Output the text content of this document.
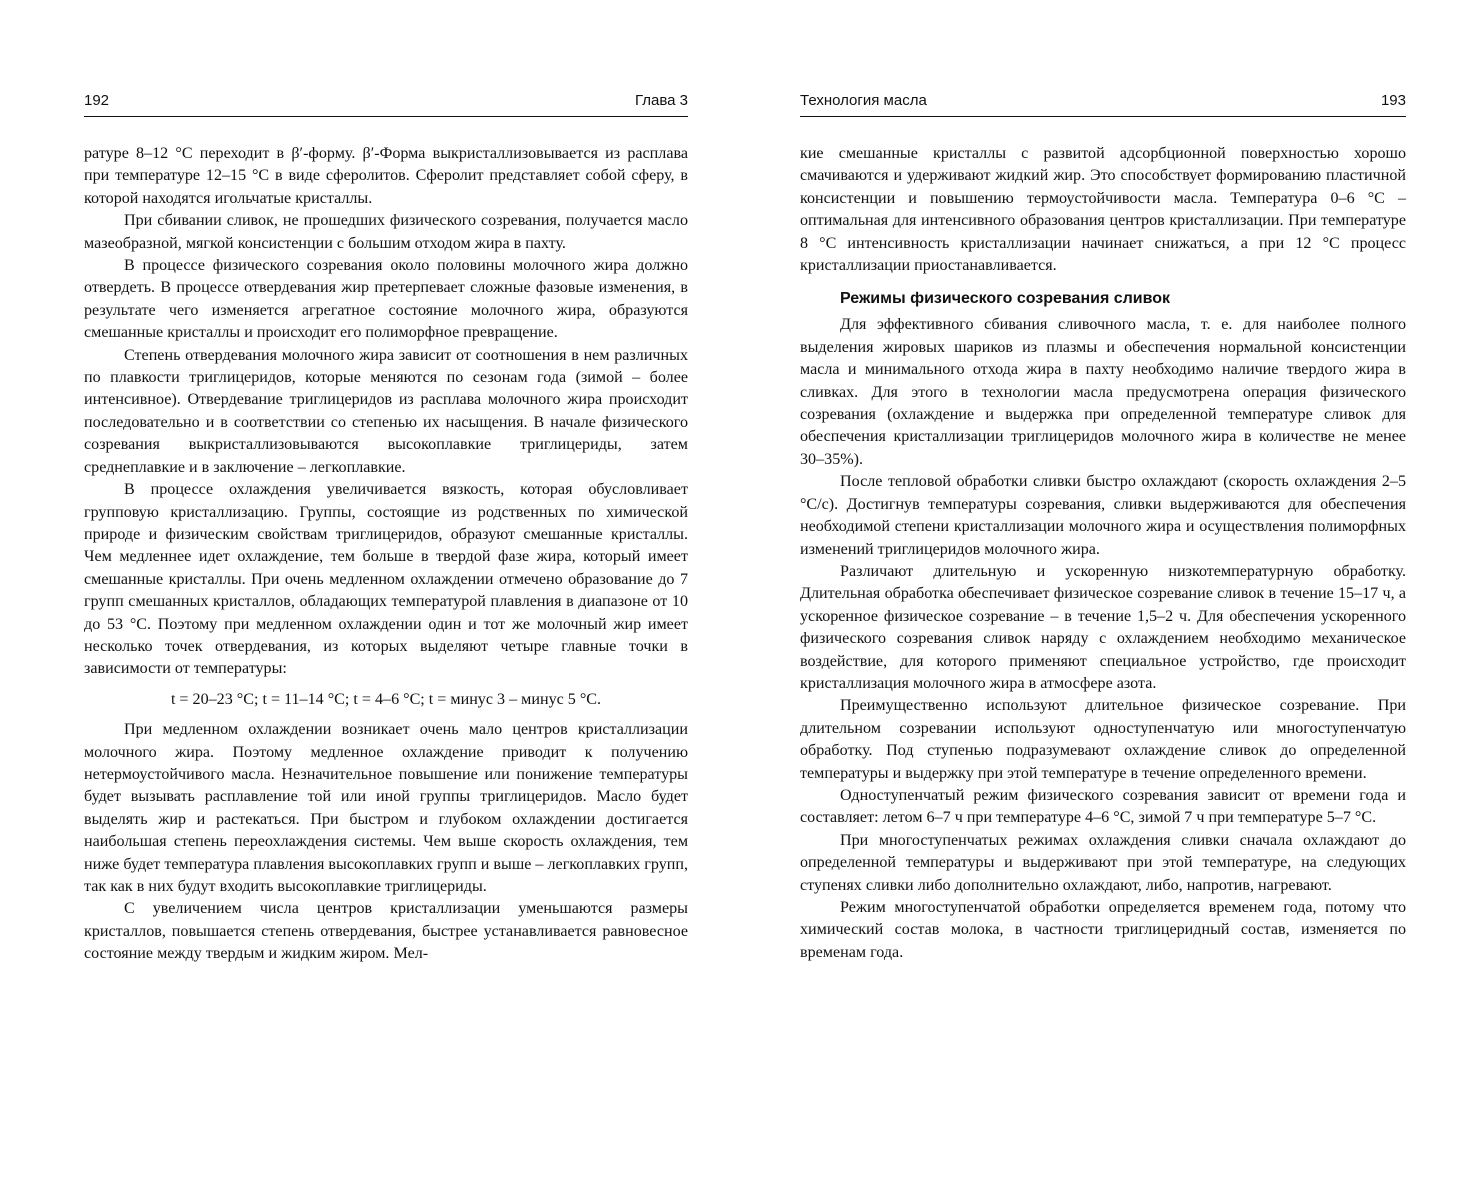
192	Глава 3

ратуре 8–12 °С переходит в β′-форму. β′-Форма выкристаллизовывается из расплава при температуре 12–15 °С в виде сферолитов. Сферолит представляет собой сферу, в которой находятся игольчатые кристаллы.

При сбивании сливок, не прошедших физического созревания, получается масло мазеобразной, мягкой консистенции с большим отходом жира в пахту.

В процессе физического созревания около половины молочного жира должно отвердеть. В процессе отвердевания жир претерпевает сложные фазовые изменения, в результате чего изменяется агрегатное состояние молочного жира, образуются смешанные кристаллы и происходит его полиморфное превращение.

Степень отвердевания молочного жира зависит от соотношения в нем различных по плавкости триглицеридов, которые меняются по сезонам года (зимой – более интенсивное). Отвердевание триглицеридов из расплава молочного жира происходит последовательно и в соответствии со степенью их насыщения. В начале физического созревания выкристаллизовываются высокоплавкие триглицериды, затем среднеплавкие и в заключение – легкоплавкие.

В процессе охлаждения увеличивается вязкость, которая обусловливает групповую кристаллизацию. Группы, состоящие из родственных по химической природе и физическим свойствам триглицеридов, образуют смешанные кристаллы. Чем медленнее идет охлаждение, тем больше в твердой фазе жира, который имеет смешанные кристаллы. При очень медленном охлаждении отмечено образование до 7 групп смешанных кристаллов, обладающих температурой плавления в диапазоне от 10 до 53 °С. Поэтому при медленном охлаждении один и тот же молочный жир имеет несколько точек отвердевания, из которых выделяют четыре главные точки в зависимости от температуры:

t = 20–23 °С; t = 11–14 °С; t = 4–6 °С; t = минус 3 – минус 5 °С.

При медленном охлаждении возникает очень мало центров кристаллизации молочного жира. Поэтому медленное охлаждение приводит к получению нетермоустойчивого масла. Незначительное повышение или понижение температуры будет вызывать расплавление той или иной группы триглицеридов. Масло будет выделять жир и растекаться. При быстром и глубоком охлаждении достигается наибольшая степень переохлаждения системы. Чем выше скорость охлаждения, тем ниже будет температура плавления высокоплавких групп и выше – легкоплавких групп, так как в них будут входить высокоплавкие триглицериды.

С увеличением числа центров кристаллизации уменьшаются размеры кристаллов, повышается степень отвердевания, быстрее устанавливается равновесное состояние между твердым и жидким жиром. Мел-

Технология масла	193

кие смешанные кристаллы с развитой адсорбционной поверхностью хорошо смачиваются и удерживают жидкий жир. Это способствует формированию пластичной консистенции и повышению термоустойчивости масла. Температура 0–6 °С – оптимальная для интенсивного образования центров кристаллизации. При температуре 8 °С интенсивность кристаллизации начинает снижаться, а при 12 °С процесс кристаллизации приостанавливается.

Режимы физического созревания сливок

Для эффективного сбивания сливочного масла, т. е. для наиболее полного выделения жировых шариков из плазмы и обеспечения нормальной консистенции масла и минимального отхода жира в пахту необходимо наличие твердого жира в сливках. Для этого в технологии масла предусмотрена операция физического созревания (охлаждение и выдержка при определенной температуре сливок для обеспечения кристаллизации триглицеридов молочного жира в количестве не менее 30–35%).

После тепловой обработки сливки быстро охлаждают (скорость охлаждения 2–5 °С/с). Достигнув температуры созревания, сливки выдерживаются для обеспечения необходимой степени кристаллизации молочного жира и осуществления полиморфных изменений триглицеридов молочного жира.

Различают длительную и ускоренную низкотемпературную обработку. Длительная обработка обеспечивает физическое созревание сливок в течение 15–17 ч, а ускоренное физическое созревание – в течение 1,5–2 ч. Для обеспечения ускоренного физического созревания сливок наряду с охлаждением необходимо механическое воздействие, для которого применяют специальное устройство, где происходит кристаллизация молочного жира в атмосфере азота.

Преимущественно используют длительное физическое созревание. При длительном созревании используют одноступенчатую или многоступенчатую обработку. Под ступенью подразумевают охлаждение сливок до определенной температуры и выдержку при этой температуре в течение определенного времени.

Одноступенчатый режим физического созревания зависит от времени года и составляет: летом 6–7 ч при температуре 4–6 °С, зимой 7 ч при температуре 5–7 °С.

При многоступенчатых режимах охлаждения сливки сначала охлаждают до определенной температуры и выдерживают при этой температуре, на следующих ступенях сливки либо дополнительно охлаждают, либо, напротив, нагревают.

Режим многоступенчатой обработки определяется временем года, потому что химический состав молока, в частности триглицеридный состав, изменяется по временам года.
